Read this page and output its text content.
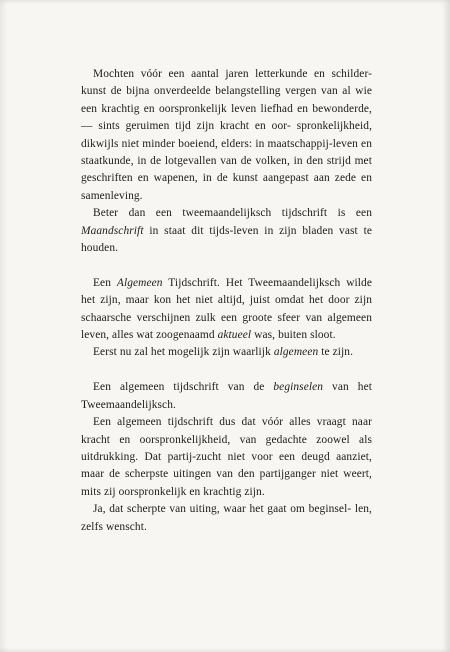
Mochten vóór een aantal jaren letterkunde en schilder- kunst de bijna onverdeelde belangstelling vergen van al wie een krachtig en oorspronkelijk leven liefhad en bewonderde, — sints geruimen tijd zijn kracht en oor- spronkelijkheid, dikwijls niet minder boeiend, elders: in maatschappij-leven en staatkunde, in de lotgevallen van de volken, in den strijd met geschriften en wapenen, in de kunst aangepast aan zede en samenleving.

Beter dan een tweemaandelijksch tijdschrift is een Maandschrift in staat dit tijds-leven in zijn bladen vast te houden.

Een Algemeen Tijdschrift. Het Tweemaandelijksch wilde het zijn, maar kon het niet altijd, juist omdat het door zijn schaarsche verschijnen zulk een groote sfeer van algemeen leven, alles wat zoogenaamd aktueel was, buiten sloot.

Eerst nu zal het mogelijk zijn waarlijk algemeen te zijn.

Een algemeen tijdschrift van de beginselen van het Tweemaandelijksch.

Een algemeen tijdschrift dus dat vóór alles vraagt naar kracht en oorspronkelijkheid, van gedachte zoowel als uitdrukking. Dat partij-zucht niet voor een deugd aanziet, maar de scherpste uitingen van den partijganger niet weert, mits zij oorspronkelijk en krachtig zijn.

Ja, dat scherpte van uiting, waar het gaat om beginsel- len, zelfs wenscht.
